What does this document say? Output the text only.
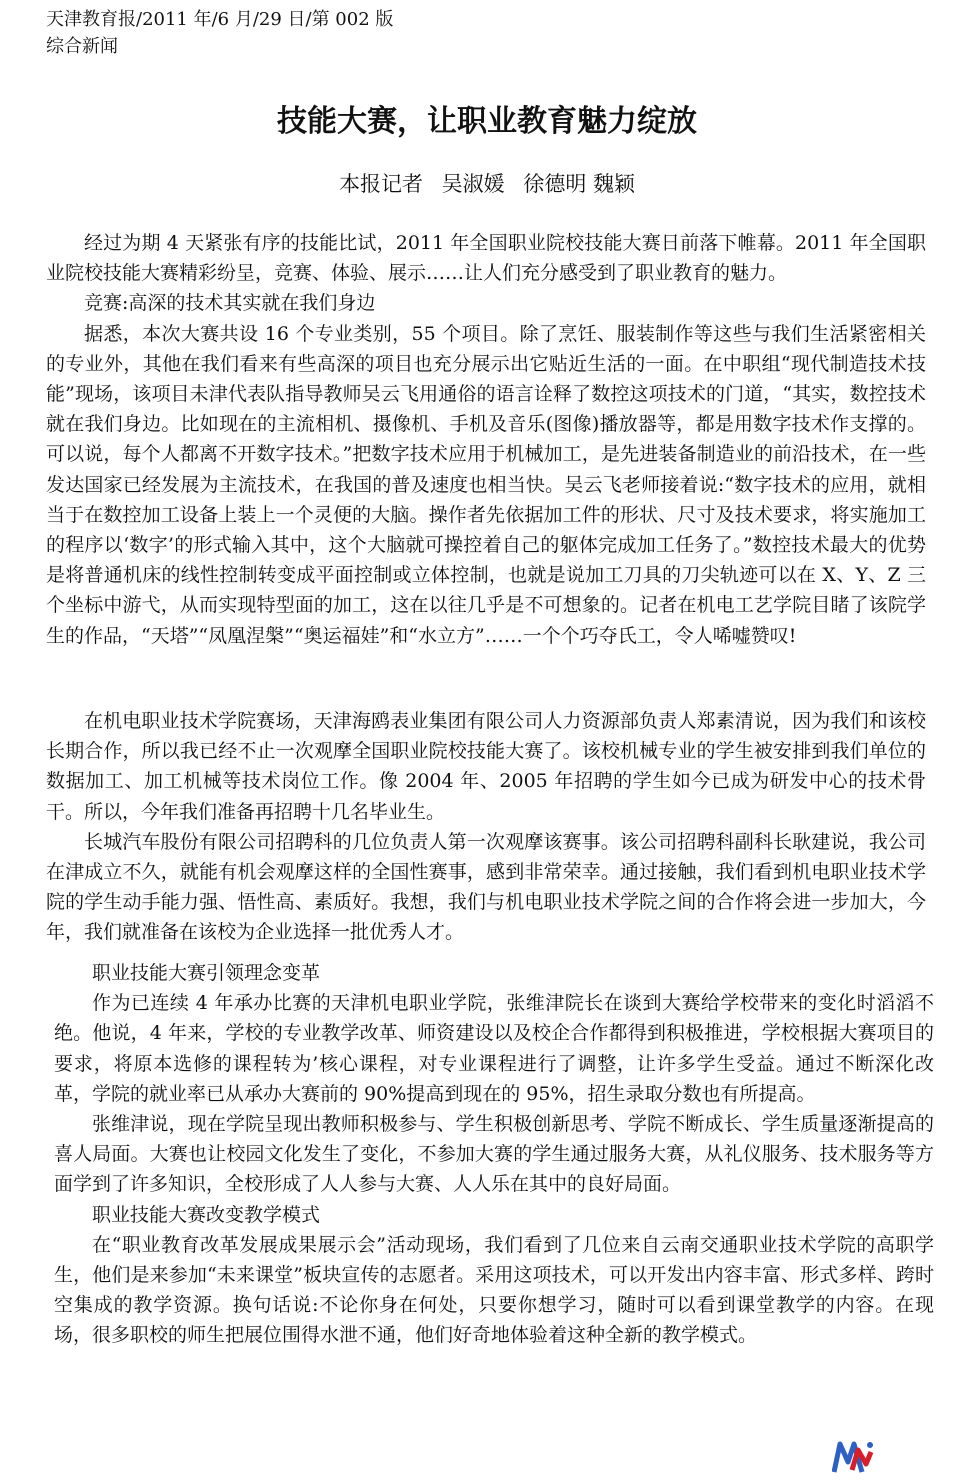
天津教育报/2011 年/6 月/29 日/第 002 版
综合新闻
技能大赛，让职业教育魅力绽放
本报记者 吴淑媛 徐德明 魏颖

经过为期 4 天紧张有序的技能比试，2011 年全国职业院校技能大赛日前落下帷幕。2011 年全国职业院校技能大赛精彩纷呈，竞赛、体验、展示……让人们充分感受到了职业教育的魅力。

竞赛:高深的技术其实就在我们身边

据悉，本次大赛共设 16 个专业类别，55 个项目。除了烹饪、服装制作等这些与我们生活紧密相关的专业外，其他在我们看来有些高深的项目也充分展示出它贴近生活的一面。在中职组“现代制造技术技能”现场，该项目未津代表队指导教师吴云飞用通俗的语言诠释了数控这项技术的门道，“其实，数控技术就在我们身边。比如现在的主流相机、摄像机、手机及音乐(图像)播放器等，都是用数字技术作支撑的。可以说，每个人都离不开数字技术。”把数字技术应用于机械加工，是先进装备制造业的前沿技术，在一些发达国家已经发展为主流技术，在我国的普及速度也相当快。吴云飞老师接着说:“数字技术的应用，就相当于在数控加工设备上装上一个灵便的大脑。操作者先依据加工件的形状、尺寸及技术要求，将实施加工的程序以‘数字’的形式输入其中，这个大脑就可操控着自己的躯体完成加工任务了。”数控技术最大的优势是将普通机床的线性控制转变成平面控制或立体控制，也就是说加工刀具的刀尖轨迹可以在 X、Y、Z 三个坐标中游弋，从而实现特型面的加工，这在以往几乎是不可想象的。记者在机电工艺学院目睹了该院学生的作品，“天塔”“凤凰涅槃”“奥运福娃”和“水立方”……一个个巧夺氏工，令人唏嘘赞叹!

在机电职业技术学院赛场，天津海鸥表业集团有限公司人力资源部负责人郑素清说，因为我们和该校长期合作，所以我已经不止一次观摩全国职业院校技能大赛了。该校机械专业的学生被安排到我们单位的数据加工、加工机械等技术岗位工作。像 2004 年、2005 年招聘的学生如今已成为研发中心的技术骨干。所以，今年我们准备再招聘十几名毕业生。

长城汽车股份有限公司招聘科的几位负责人第一次观摩该赛事。该公司招聘科副科长耿建说，我公司在津成立不久，就能有机会观摩这样的全国性赛事，感到非常荣幸。通过接触，我们看到机电职业技术学院的学生动手能力强、悟性高、素质好。我想，我们与机电职业技术学院之间的合作将会进一步加大，今年，我们就准备在该校为企业选择一批优秀人才。

职业技能大赛引领理念变革

作为已连续 4 年承办比赛的天津机电职业学院，张维津院长在谈到大赛给学校带来的变化时滔滔不绝。他说，4 年来，学校的专业教学改革、师资建设以及校企合作都得到积极推进，学校根据大赛项目的要求，将原本选修的课程转为’核心课程，对专业课程进行了调整，让许多学生受益。通过不断深化改革，学院的就业率已从承办大赛前的 90%提高到现在的 95%，招生录取分数也有所提高。

张维津说，现在学院呈现出教师积极参与、学生积极创新思考、学院不断成长、学生质量逐渐提高的喜人局面。大赛也让校园文化发生了变化，不参加大赛的学生通过服务大赛，从礼仪服务、技术服务等方面学到了许多知识，全校形成了人人参与大赛、人人乐在其中的良好局面。

职业技能大赛改变教学模式

在“职业教育改革发展成果展示会”活动现场，我们看到了几位来自云南交通职业技术学院的高职学生，他们是来参加“未来课堂”板块宣传的志愿者。采用这项技术，可以开发出内容丰富、形式多样、跨时空集成的教学资源。换句话说:不论你身在何处，只要你想学习，随时可以看到课堂教学的内容。在现场，很多职校的师生把展位围得水泄不通，他们好奇地体验着这种全新的教学模式。
